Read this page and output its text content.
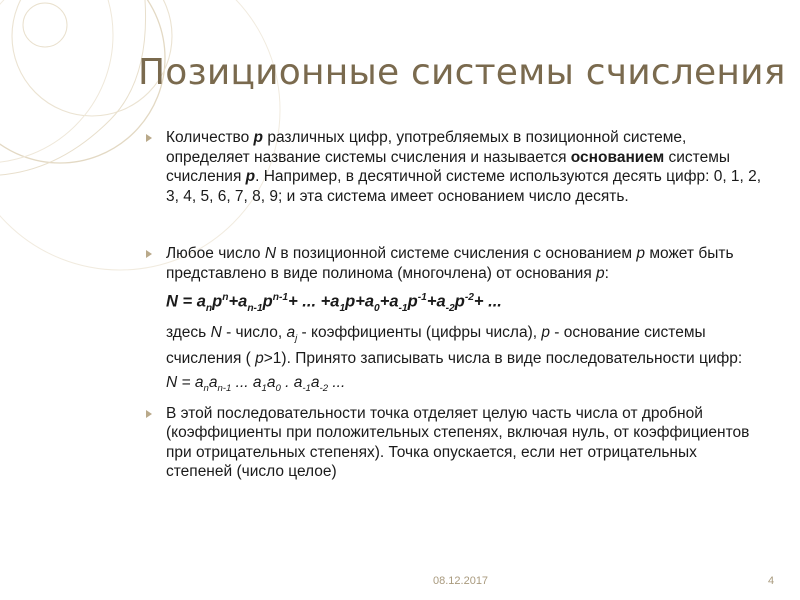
Позиционные системы счисления
Количество p различных цифр, употребляемых в позиционной системе, определяет название системы счисления и называется основанием системы счисления р. Например, в десятичной системе используются десять цифр: 0, 1, 2, 3, 4, 5, 6, 7, 8, 9; и эта система имеет основанием число десять.
Любое число N в позиционной системе счисления с основанием p может быть представлено в виде полинома (многочлена) от основания p:
$N = a_np^n+a_{n-1}p^{n-1}+$ ... $+a_1p+a_0+a_{-1}p^{-1}+a_{-2}p^{-2}+$ ...
здесь N - число, $a_j$ - коэффициенты (цифры числа), p - основание системы счисления ( p>1). Принято записывать числа в виде последовательности цифр:
$N = a_na_{n-1}$ ... $a_1a_0$ . $a_{-1}a_{-2}$ ...
В этой последовательности точка отделяет целую часть числа от дробной (коэффициенты при положительных степенях, включая нуль, от коэффициентов при отрицательных степенях). Точка опускается, если нет отрицательных степеней (число целое)
08.12.2017	4
